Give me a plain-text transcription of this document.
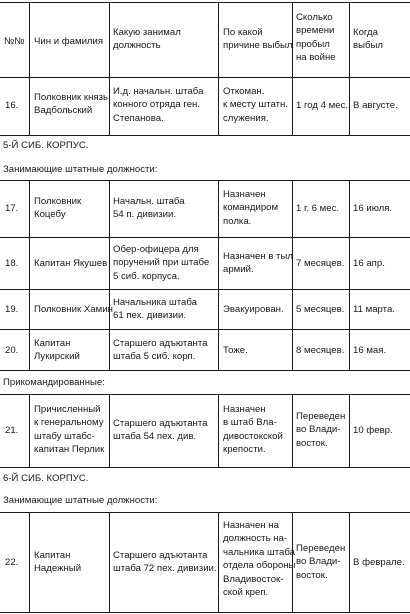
№№ Чин и фамилия
Какую занимал
должность
По какой
причине выбыл
Сколько
времени
пробыл
на войне
Когда
выбыл
16.
Полковник князь
Вадбольский
И.д. начальн. штаба
конного отряда ген.
Степанова.
Откоман.
к месту штатн.
служения.
1 год 4 мес. В августе.
5-Й СИБ. КОРПУС.
Занимающие штатные должности:
17.
Полковник
Коцебу
Начальн. штаба
54 п. дивизии.
Назначен
командиром
полка.
1 г. 6 мес. 16 июля.
18. Капитан Якушев
Обер-офицера для
поручений при штабе
5 сиб. корпуса.
Назначен в тыл
армий.
7 месяцев. 16 апр.
19. Полковник Хамин
Начальника штаба
61 пех. дивизии.
Эвакуирован. 5 месяцев. 11 марта.
20.
Капитан
Лукирский
Старшего адъютанта
штаба 5 сиб. корп.
Тоже.	8 месяцев. 16 мая.
Прикомандированные:
21.
Причисленный
к генеральному
штабу штабс-
капитан Перлик
Старшего адъютанта
штаба 54 пех. див.
Назначен
в штаб Вла-
дивостокской
крепости.
Переведен
во Влади-
восток.
10 февр.
6-Й СИБ. КОРПУС.
Занимающие штатные должности:
22.
Капитан
Надежный
Старшего адъютанта
штаба 72 пех. дивизии.
Назначен на
должность на-
чальника штаба
отдела обороны
Владивосток-
ской креп.
Переведен
во Влади-
восток.
В феврале.
